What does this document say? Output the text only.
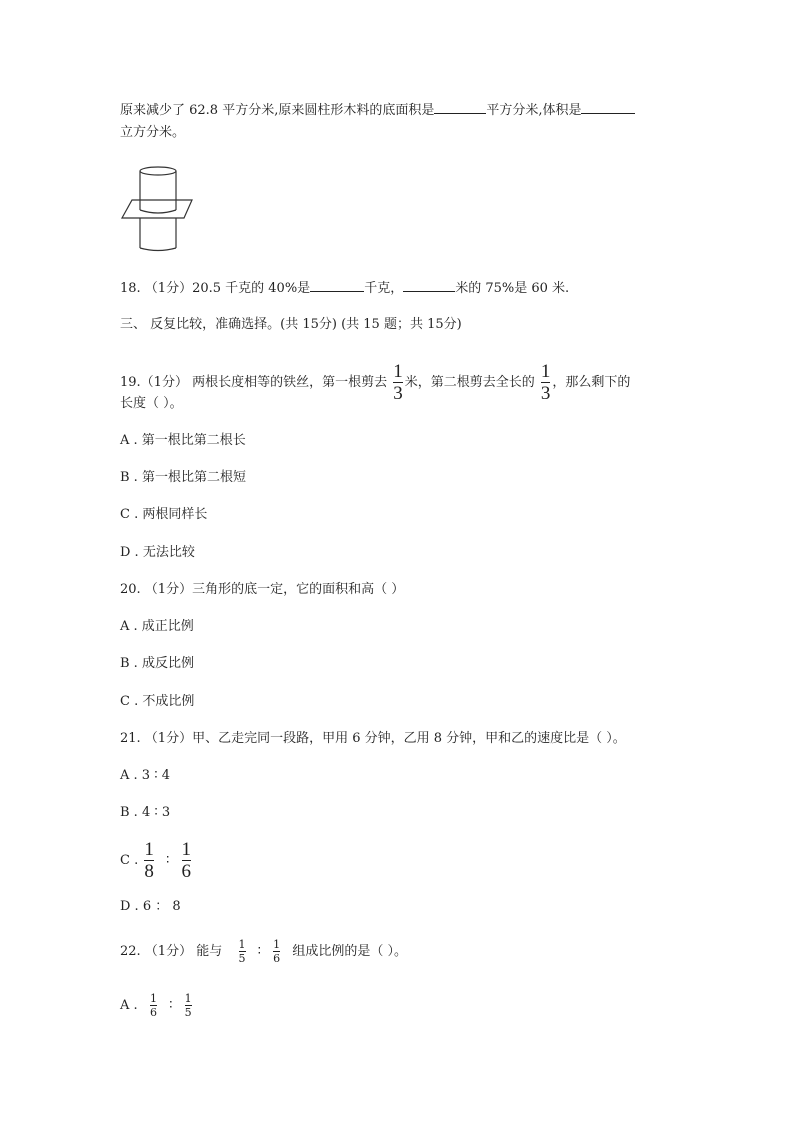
原来减少了 62.8 平方分米,原来圆柱形木料的底面积是	平方分米,体积是
立方分米。
18. （1分）20.5 千克的 40%是	千克，	米的 75%是 60 米.
三、 反复比较，准确选择。(共 15分) (共 15 题；共 15分)
19.（1分） 两根长度相等的铁丝，第一根剪去 $\frac{1}{3}$ 米，第二根剪去全长的 $\frac{1}{3}$ ，那么剩下的
长度（ ）。
A . 第一根比第二根长
B . 第一根比第二根短
C . 两根同样长
D . 无法比较
20. （1分）三角形的底一定，它的面积和高（ ）
A . 成正比例
B . 成反比例
C . 不成比例
21. （1分）甲、乙走完同一段路，甲用 6 分钟，乙用 8 分钟，甲和乙的速度比是（ ）。
A . 3 ∶ 4
B . 4 ∶ 3
C . $\frac{1}{8}$ ∶ $\frac{1}{6}$
D . 6 ： 8
22. （1分） 能与 $\frac{1}{5}$ ∶ $\frac{1}{6}$ 组成比例的是（ ）。
A . $\frac{1}{6}$ ∶ $\frac{1}{5}$
